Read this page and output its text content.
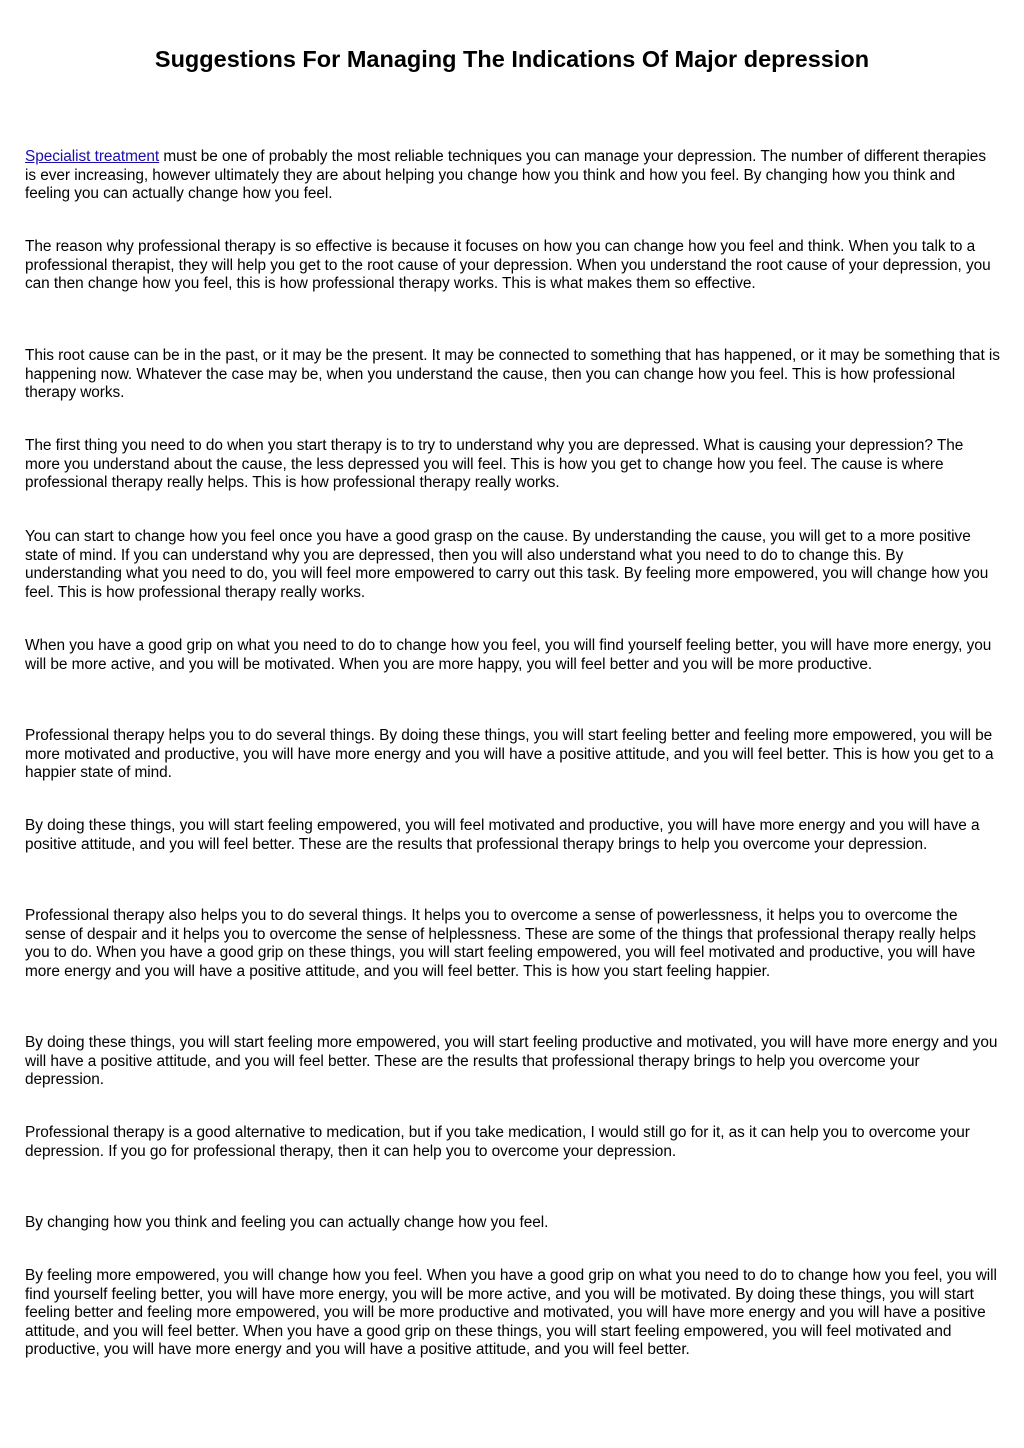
Suggestions For Managing The Indications Of Major depression

Specialist treatment must be one of probably the most reliable techniques you can manage your depression. The number of different therapies is ever increasing, however ultimately they are about helping you change how you think and how you feel. By changing how you think and feeling you can actually change how you feel.

The reason why professional therapy is so effective is because it focuses on how you can change how you feel and think. When you talk to a professional therapist, they will help you get to the root cause of your depression. When you understand the root cause of your depression, you can then change how you feel, this is how professional therapy works. This is what makes them so effective.

This root cause can be in the past, or it may be the present. It may be connected to something that has happened, or it may be something that is happening now. Whatever the case may be, when you understand the cause, then you can change how you feel. This is how professional therapy works.

The first thing you need to do when you start therapy is to try to understand why you are depressed. What is causing your depression? The more you understand about the cause, the less depressed you will feel. This is how you get to change how you feel. The cause is where professional therapy really helps. This is how professional therapy really works.

You can start to change how you feel once you have a good grasp on the cause. By understanding the cause, you will get to a more positive state of mind. If you can understand why you are depressed, then you will also understand what you need to do to change this. By understanding what you need to do, you will feel more empowered to carry out this task. By feeling more empowered, you will change how you feel. This is how professional therapy really works.

When you have a good grip on what you need to do to change how you feel, you will find yourself feeling better, you will have more energy, you will be more active, and you will be motivated. When you are more happy, you will feel better and you will be more productive.

Professional therapy helps you to do several things. By doing these things, you will start feeling better and feeling more empowered, you will be more motivated and productive, you will have more energy and you will have a positive attitude, and you will feel better. This is how you get to a happier state of mind.

By doing these things, you will start feeling empowered, you will feel motivated and productive, you will have more energy and you will have a positive attitude, and you will feel better. These are the results that professional therapy brings to help you overcome your depression.

Professional therapy also helps you to do several things. It helps you to overcome a sense of powerlessness, it helps you to overcome the sense of despair and it helps you to overcome the sense of helplessness. These are some of the things that professional therapy really helps you to do. When you have a good grip on these things, you will start feeling empowered, you will feel motivated and productive, you will have more energy and you will have a positive attitude, and you will feel better. This is how you start feeling happier.

By doing these things, you will start feeling more empowered, you will start feeling productive and motivated, you will have more energy and you will have a positive attitude, and you will feel better. These are the results that professional therapy brings to help you overcome your depression.

Professional therapy is a good alternative to medication, but if you take medication, I would still go for it, as it can help you to overcome your depression. If you go for professional therapy, then it can help you to overcome your depression.

By changing how you think and feeling you can actually change how you feel.

By feeling more empowered, you will change how you feel. When you have a good grip on what you need to do to change how you feel, you will find yourself feeling better, you will have more energy, you will be more active, and you will be motivated. By doing these things, you will start feeling better and feeling more empowered, you will be more productive and motivated, you will have more energy and you will have a positive attitude, and you will feel better. When you have a good grip on these things, you will start feeling empowered, you will feel motivated and productive, you will have more energy and you will have a positive attitude, and you will feel better.
